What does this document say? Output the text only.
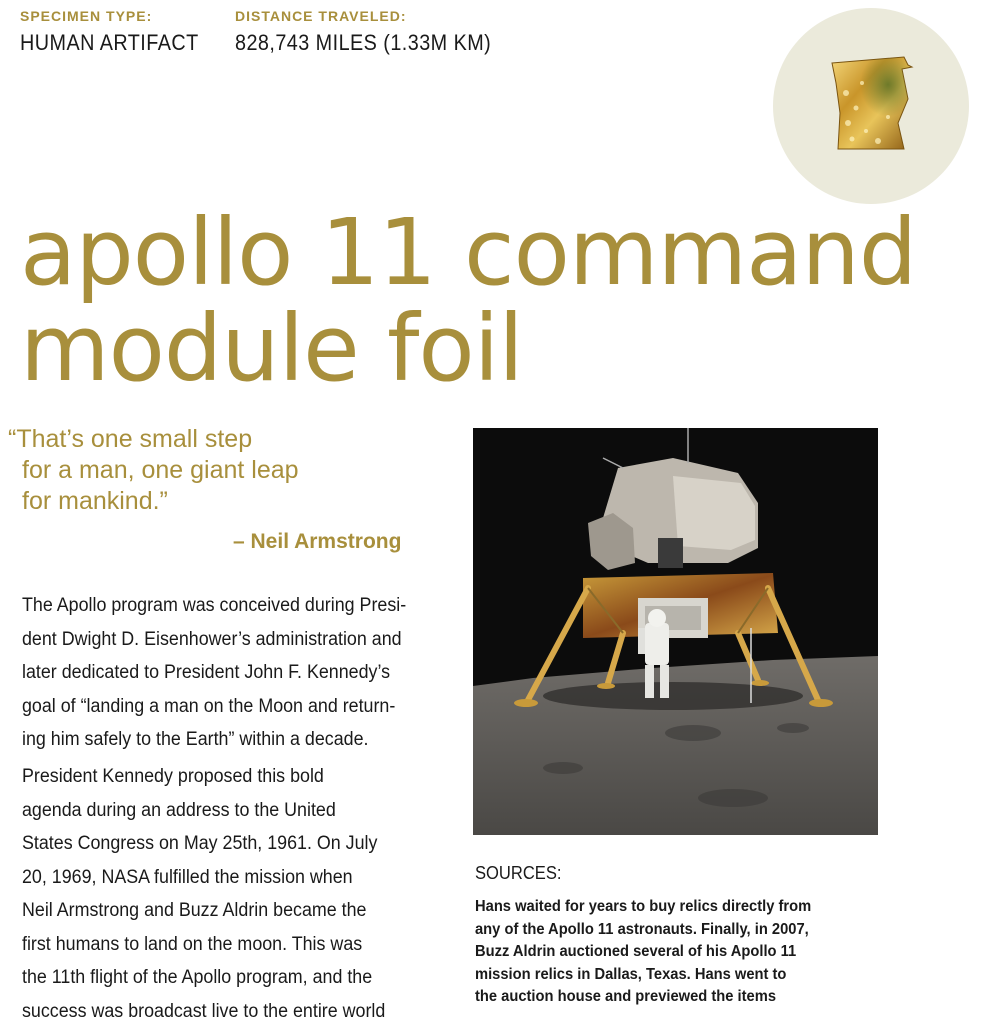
SPECIMEN TYPE:
HUMAN ARTIFACT
DISTANCE TRAVELED:
828,743 MILES (1.33M KM)
apollo 11 command
module foil
“That’s one small step
for a man, one giant leap
for mankind.”
– Neil Armstrong

The Apollo program was conceived during Presi-
dent Dwight D. Eisenhower’s administration and
later dedicated to President John F. Kennedy’s
goal of “landing a man on the Moon and return-
ing him safely to the Earth” within a decade.

President Kennedy proposed this bold
agenda during an address to the United
States Congress on May 25th, 1961. On July
20, 1969, NASA fulfilled the mission when
Neil Armstrong and Buzz Aldrin became the
first humans to land on the moon. This was
the 11th flight of the Apollo program, and the
success was broadcast live to the entire world

SOURCES:

Hans waited for years to buy relics directly from
any of the Apollo 11 astronauts. Finally, in 2007,
Buzz Aldrin auctioned several of his Apollo 11
mission relics in Dallas, Texas. Hans went to
the auction house and previewed the items
